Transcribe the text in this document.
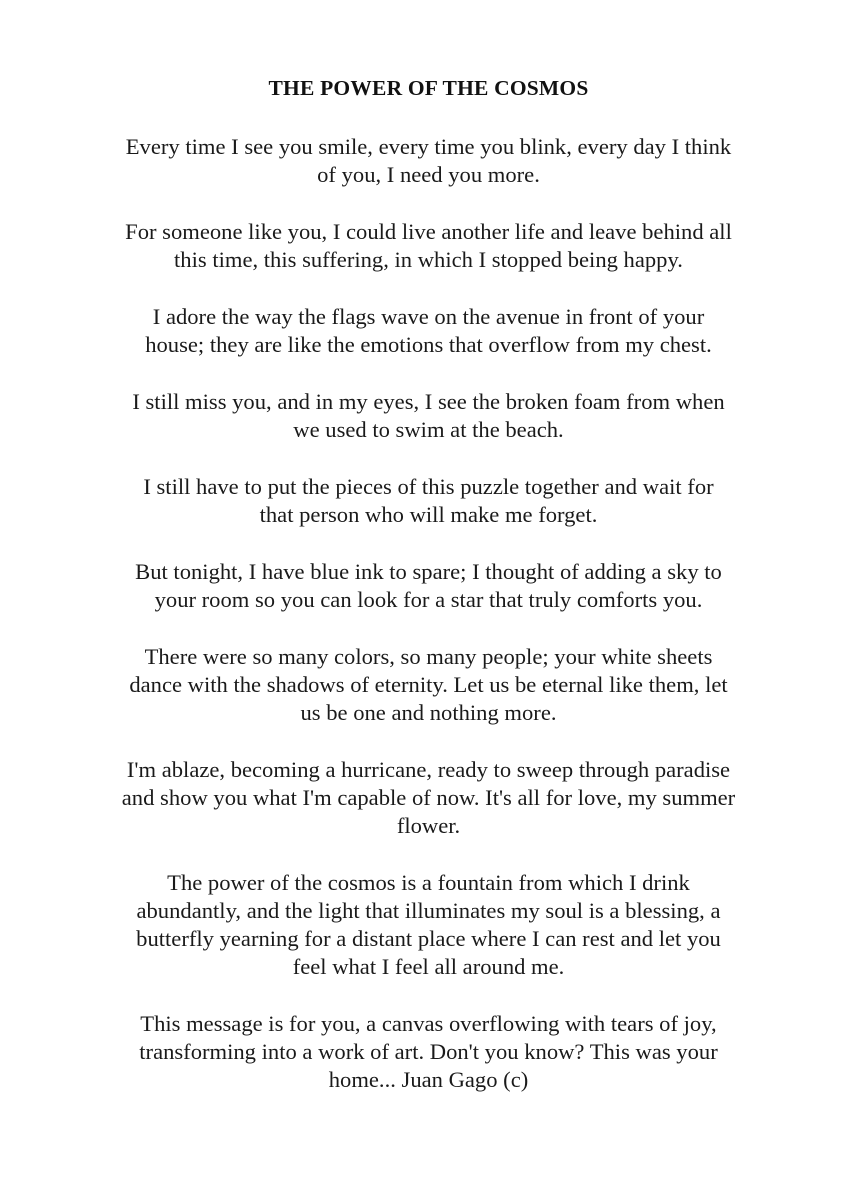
THE POWER OF THE COSMOS

Every time I see you smile, every time you blink, every day I think
of you, I need you more.

For someone like you, I could live another life and leave behind all
this time, this suffering, in which I stopped being happy.

I adore the way the flags wave on the avenue in front of your
house; they are like the emotions that overflow from my chest.

I still miss you, and in my eyes, I see the broken foam from when
we used to swim at the beach.

I still have to put the pieces of this puzzle together and wait for
that person who will make me forget.

But tonight, I have blue ink to spare; I thought of adding a sky to
your room so you can look for a star that truly comforts you.

There were so many colors, so many people; your white sheets
dance with the shadows of eternity. Let us be eternal like them, let
us be one and nothing more.

I'm ablaze, becoming a hurricane, ready to sweep through paradise
and show you what I'm capable of now. It's all for love, my summer
flower.

The power of the cosmos is a fountain from which I drink
abundantly, and the light that illuminates my soul is a blessing, a
butterfly yearning for a distant place where I can rest and let you
feel what I feel all around me.

This message is for you, a canvas overflowing with tears of joy,
transforming into a work of art. Don't you know? This was your
home... Juan Gago (c)
